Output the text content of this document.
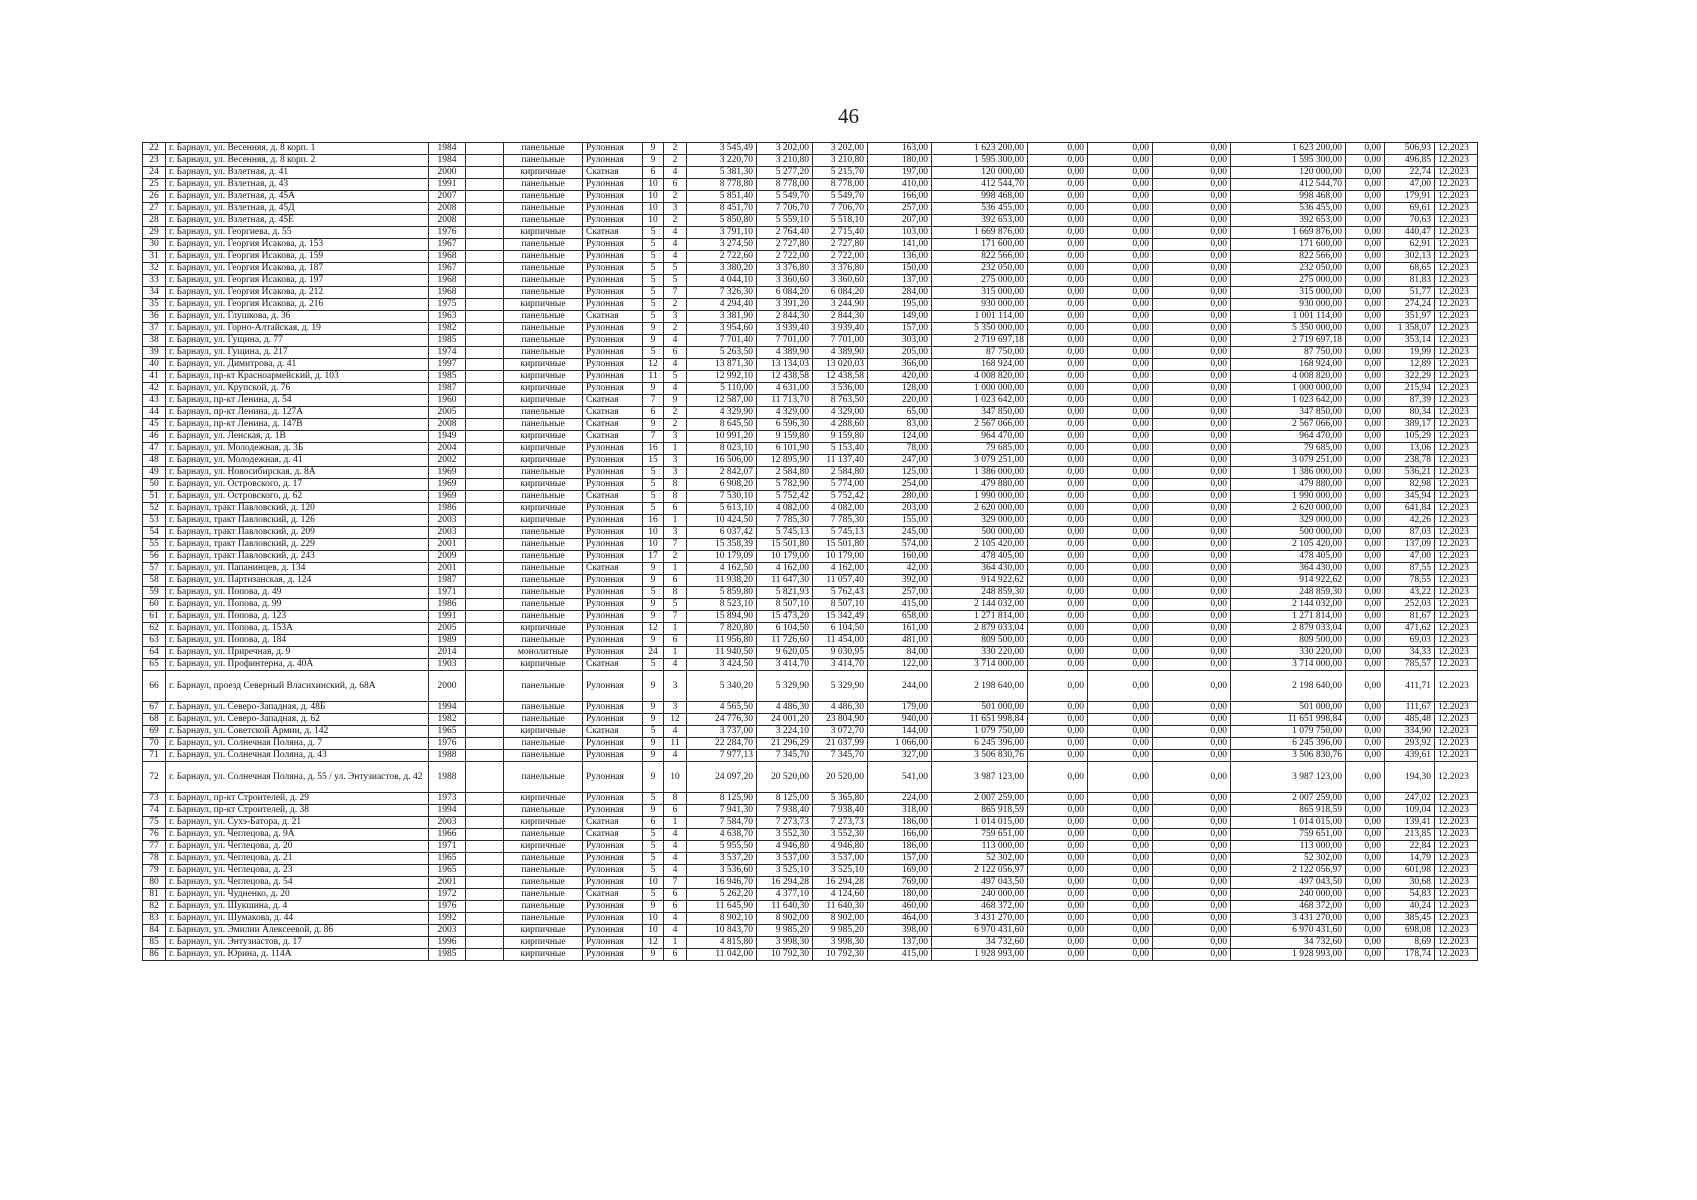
46
22	г. Барнаул, ул. Весенняя, д. 8 корп. 1	1984		панельные	Рулонная	9	2	3 545,49	3 202,00	3 202,00	163,00	1 623 200,00	0,00	0,00	0,00	1 623 200,00	0,00	506,93	12.2023
23	г. Барнаул, ул. Весенняя, д. 8 корп. 2	1984		панельные	Рулонная	9	2	3 220,70	3 210,80	3 210,80	180,00	1 595 300,00	0,00	0,00	0,00	1 595 300,00	0,00	496,85	12.2023
24	г. Барнаул, ул. Взлетная, д. 41	2000		кирпичные	Скатная	6	4	5 381,30	5 277,20	5 215,70	197,00	120 000,00	0,00	0,00	0,00	120 000,00	0,00	22,74	12.2023
25	г. Барнаул, ул. Взлетная, д. 43	1991		панельные	Рулонная	10	6	8 778,80	8 778,00	8 778,00	410,00	412 544,70	0,00	0,00	0,00	412 544,70	0,00	47,00	12.2023
26	г. Барнаул, ул. Взлетная, д. 45А	2007		панельные	Рулонная	10	2	5 851,40	5 549,70	5 549,70	166,00	998 468,00	0,00	0,00	0,00	998 468,00	0,00	179,91	12.2023
27	г. Барнаул, ул. Взлетная, д. 45Д	2008		панельные	Рулонная	10	3	8 451,70	7 706,70	7 706,70	257,00	536 455,00	0,00	0,00	0,00	536 455,00	0,00	69,61	12.2023
28	г. Барнаул, ул. Взлетная, д. 45Е	2008		панельные	Рулонная	10	2	5 850,80	5 559,10	5 518,10	207,00	392 653,00	0,00	0,00	0,00	392 653,00	0,00	70,63	12.2023
29	г. Барнаул, ул. Георгиева, д. 55	1976		кирпичные	Скатная	5	4	3 791,10	2 764,40	2 715,40	103,00	1 669 876,00	0,00	0,00	0,00	1 669 876,00	0,00	440,47	12.2023
30	г. Барнаул, ул. Георгия Исакова, д. 153	1967		панельные	Рулонная	5	4	3 274,50	2 727,80	2 727,80	141,00	171 600,00	0,00	0,00	0,00	171 600,00	0,00	62,91	12.2023
31	г. Барнаул, ул. Георгия Исакова, д. 159	1968		панельные	Рулонная	5	4	2 722,60	2 722,00	2 722,00	136,00	822 566,00	0,00	0,00	0,00	822 566,00	0,00	302,13	12.2023
32	г. Барнаул, ул. Георгия Исакова, д. 187	1967		панельные	Рулонная	5	5	3 380,20	3 376,80	3 376,80	150,00	232 050,00	0,00	0,00	0,00	232 050,00	0,00	68,65	12.2023
33	г. Барнаул, ул. Георгия Исакова, д. 197	1968		панельные	Рулонная	5	5	4 044,10	3 360,60	3 360,60	137,00	275 000,00	0,00	0,00	0,00	275 000,00	0,00	81,83	12.2023
34	г. Барнаул, ул. Георгия Исакова, д. 212	1968		панельные	Рулонная	5	7	7 326,30	6 084,20	6 084,20	284,00	315 000,00	0,00	0,00	0,00	315 000,00	0,00	51,77	12.2023
35	г. Барнаул, ул. Георгия Исакова, д. 216	1975		кирпичные	Рулонная	5	2	4 294,40	3 391,20	3 244,90	195,00	930 000,00	0,00	0,00	0,00	930 000,00	0,00	274,24	12.2023
36	г. Барнаул, ул. Глушкова, д. 36	1963		панельные	Скатная	5	3	3 381,90	2 844,30	2 844,30	149,00	1 001 114,00	0,00	0,00	0,00	1 001 114,00	0,00	351,97	12.2023
37	г. Барнаул, ул. Горно-Алтайская, д. 19	1982		панельные	Рулонная	9	2	3 954,60	3 939,40	3 939,40	157,00	5 350 000,00	0,00	0,00	0,00	5 350 000,00	0,00	1 358,07	12.2023
38	г. Барнаул, ул. Гущина, д. 77	1985		панельные	Рулонная	9	4	7 701,40	7 701,00	7 701,00	303,00	2 719 697,18	0,00	0,00	0,00	2 719 697,18	0,00	353,14	12.2023
39	г. Барнаул, ул. Гущина, д. 217	1974		панельные	Рулонная	5	6	5 263,50	4 389,90	4 389,90	205,00	87 750,00	0,00	0,00	0,00	87 750,00	0,00	19,99	12.2023
40	г. Барнаул, ул. Димитрова, д. 41	1997		кирпичные	Рулонная	12	4	13 871,30	13 134,03	13 020,03	366,00	168 924,00	0,00	0,00	0,00	168 924,00	0,00	12,89	12.2023
41	г. Барнаул, пр-кт Красноармейский, д. 103	1985		кирпичные	Рулонная	11	5	12 992,10	12 438,58	12 438,58	420,00	4 008 820,00	0,00	0,00	0,00	4 008 820,00	0,00	322,29	12.2023
42	г. Барнаул, ул. Крупской, д. 76	1987		кирпичные	Рулонная	9	4	5 110,00	4 631,00	3 536,00	128,00	1 000 000,00	0,00	0,00	0,00	1 000 000,00	0,00	215,94	12.2023
43	г. Барнаул, пр-кт Ленина, д. 54	1960		кирпичные	Скатная	7	9	12 587,00	11 713,70	8 763,50	220,00	1 023 642,00	0,00	0,00	0,00	1 023 642,00	0,00	87,39	12.2023
44	г. Барнаул, пр-кт Ленина, д. 127А	2005		панельные	Скатная	6	2	4 329,90	4 329,00	4 329,00	65,00	347 850,00	0,00	0,00	0,00	347 850,00	0,00	80,34	12.2023
45	г. Барнаул, пр-кт Ленина, д. 147В	2008		панельные	Скатная	9	2	8 645,50	6 596,30	4 288,60	83,00	2 567 066,00	0,00	0,00	0,00	2 567 066,00	0,00	389,17	12.2023
46	г. Барнаул, ул. Ленская, д. 1В	1949		кирпичные	Скатная	7	3	10 991,20	9 159,80	9 159,80	124,00	964 470,00	0,00	0,00	0,00	964 470,00	0,00	105,29	12.2023
47	г. Барнаул, ул. Молодежная, д. 3Б	2004		кирпичные	Рулонная	16	1	8 023,10	6 101,90	5 153,40	78,00	79 685,00	0,00	0,00	0,00	79 685,00	0,00	13,06	12.2023
48	г. Барнаул, ул. Молодежная, д. 41	2002		кирпичные	Рулонная	15	3	16 506,00	12 895,90	11 137,40	247,00	3 079 251,00	0,00	0,00	0,00	3 079 251,00	0,00	238,78	12.2023
49	г. Барнаул, ул. Новосибирская, д. 8А	1969		панельные	Рулонная	5	3	2 842,07	2 584,80	2 584,80	125,00	1 386 000,00	0,00	0,00	0,00	1 386 000,00	0,00	536,21	12.2023
50	г. Барнаул, ул. Островского, д. 17	1969		кирпичные	Рулонная	5	8	6 908,20	5 782,90	5 774,00	254,00	479 880,00	0,00	0,00	0,00	479 880,00	0,00	82,98	12.2023
51	г. Барнаул, ул. Островского, д. 62	1969		панельные	Скатная	5	8	7 530,10	5 752,42	5 752,42	280,00	1 990 000,00	0,00	0,00	0,00	1 990 000,00	0,00	345,94	12.2023
52	г. Барнаул, тракт Павловский, д. 120	1986		кирпичные	Рулонная	5	6	5 613,10	4 082,00	4 082,00	203,00	2 620 000,00	0,00	0,00	0,00	2 620 000,00	0,00	641,84	12.2023
53	г. Барнаул, тракт Павловский, д. 126	2003		кирпичные	Рулонная	16	1	10 424,50	7 785,30	7 785,30	155,00	329 000,00	0,00	0,00	0,00	329 000,00	0,00	42,26	12.2023
54	г. Барнаул, тракт Павловский, д. 209	2003		панельные	Рулонная	10	3	6 037,42	5 745,13	5 745,13	245,00	500 000,00	0,00	0,00	0,00	500 000,00	0,00	87,03	12.2023
55	г. Барнаул, тракт Павловский, д. 229	2001		панельные	Рулонная	10	7	15 358,39	15 501,80	15 501,80	574,00	2 105 420,00	0,00	0,00	0,00	2 105 420,00	0,00	137,09	12.2023
56	г. Барнаул, тракт Павловский, д. 243	2009		панельные	Рулонная	17	2	10 179,09	10 179,00	10 179,00	160,00	478 405,00	0,00	0,00	0,00	478 405,00	0,00	47,00	12.2023
57	г. Барнаул, ул. Папанинцев, д. 134	2001		панельные	Скатная	9	1	4 162,50	4 162,00	4 162,00	42,00	364 430,00	0,00	0,00	0,00	364 430,00	0,00	87,55	12.2023
58	г. Барнаул, ул. Партизанская, д. 124	1987		панельные	Рулонная	9	6	11 938,20	11 647,30	11 057,40	392,00	914 922,62	0,00	0,00	0,00	914 922,62	0,00	78,55	12.2023
59	г. Барнаул, ул. Попова, д. 49	1971		панельные	Рулонная	5	8	5 859,80	5 821,93	5 762,43	257,00	248 859,30	0,00	0,00	0,00	248 859,30	0,00	43,22	12.2023
60	г. Барнаул, ул. Попова, д. 99	1986		панельные	Рулонная	9	5	8 523,10	8 507,10	8 507,10	415,00	2 144 032,00	0,00	0,00	0,00	2 144 032,00	0,00	252,03	12.2023
61	г. Барнаул, ул. Попова, д. 123	1991		панельные	Рулонная	9	7	15 894,90	15 473,20	15 342,49	658,00	1 271 814,00	0,00	0,00	0,00	1 271 814,00	0,00	81,67	12.2023
62	г. Барнаул, ул. Попова, д. 153А	2005		кирпичные	Рулонная	12	1	7 820,80	6 104,50	6 104,50	161,00	2 879 033,04	0,00	0,00	0,00	2 879 033,04	0,00	471,62	12.2023
63	г. Барнаул, ул. Попова, д. 184	1989		панельные	Рулонная	9	6	11 956,80	11 726,60	11 454,00	481,00	809 500,00	0,00	0,00	0,00	809 500,00	0,00	69,03	12.2023
64	г. Барнаул, ул. Приречная, д. 9	2014		монолитные	Рулонная	24	1	11 940,50	9 620,05	9 030,95	84,00	330 220,00	0,00	0,00	0,00	330 220,00	0,00	34,33	12.2023
65	г. Барнаул, ул. Профинтерна, д. 40А	1903		кирпичные	Скатная	5	4	3 424,50	3 414,70	3 414,70	122,00	3 714 000,00	0,00	0,00	0,00	3 714 000,00	0,00	785,57	12.2023
66	г. Барнаул, проезд Северный Власихинский, д. 68А	2000		панельные	Рулонная	9	3	5 340,20	5 329,90	5 329,90	244,00	2 198 640,00	0,00	0,00	0,00	2 198 640,00	0,00	411,71	12.2023
67	г. Барнаул, ул. Северо-Западная, д. 48Б	1994		панельные	Рулонная	9	3	4 565,50	4 486,30	4 486,30	179,00	501 000,00	0,00	0,00	0,00	501 000,00	0,00	111,67	12.2023
68	г. Барнаул, ул. Северо-Западная, д. 62	1982		панельные	Рулонная	9	12	24 776,30	24 001,20	23 804,90	940,00	11 651 998,84	0,00	0,00	0,00	11 651 998,84	0,00	485,48	12.2023
69	г. Барнаул, ул. Советской Армии, д. 142	1965		кирпичные	Скатная	5	4	3 737,00	3 224,10	3 072,70	144,00	1 079 750,00	0,00	0,00	0,00	1 079 750,00	0,00	334,90	12.2023
70	г. Барнаул, ул. Солнечная Поляна, д. 7	1976		панельные	Рулонная	9	11	22 284,70	21 296,29	21 037,99	1 066,00	6 245 396,00	0,00	0,00	0,00	6 245 396,00	0,00	293,92	12.2023
71	г. Барнаул, ул. Солнечная Поляна, д. 43	1988		панельные	Рулонная	9	4	7 977,13	7 345,70	7 345,70	327,00	3 506 830,76	0,00	0,00	0,00	3 506 830,76	0,00	439,61	12.2023
72	г. Барнаул, ул. Солнечная Поляна, д. 55 / ул. Энтузиастов, д. 42	1988		панельные	Рулонная	9	10	24 097,20	20 520,00	20 520,00	541,00	3 987 123,00	0,00	0,00	0,00	3 987 123,00	0,00	194,30	12.2023
73	г. Барнаул, пр-кт Строителей, д. 29	1973		кирпичные	Рулонная	5	8	8 125,90	8 125,00	5 365,80	224,00	2 007 259,00	0,00	0,00	0,00	2 007 259,00	0,00	247,02	12.2023
74	г. Барнаул, пр-кт Строителей, д. 38	1994		панельные	Рулонная	9	6	7 941,30	7 938,40	7 938,40	318,00	865 918,59	0,00	0,00	0,00	865 918,59	0,00	109,04	12.2023
75	г. Барнаул, ул. Сухэ-Батора, д. 21	2003		кирпичные	Скатная	6	1	7 584,70	7 273,73	7 273,73	186,00	1 014 015,00	0,00	0,00	0,00	1 014 015,00	0,00	139,41	12.2023
76	г. Барнаул, ул. Чеглецова, д. 9А	1966		панельные	Скатная	5	4	4 638,70	3 552,30	3 552,30	166,00	759 651,00	0,00	0,00	0,00	759 651,00	0,00	213,85	12.2023
77	г. Барнаул, ул. Чеглецова, д. 20	1971		кирпичные	Рулонная	5	4	5 955,50	4 946,80	4 946,80	186,00	113 000,00	0,00	0,00	0,00	113 000,00	0,00	22,84	12.2023
78	г. Барнаул, ул. Чеглецова, д. 21	1965		панельные	Рулонная	5	4	3 537,20	3 537,00	3 537,00	157,00	52 302,00	0,00	0,00	0,00	52 302,00	0,00	14,79	12.2023
79	г. Барнаул, ул. Чеглецова, д. 23	1965		панельные	Рулонная	5	4	3 536,60	3 525,10	3 525,10	169,00	2 122 056,97	0,00	0,00	0,00	2 122 056,97	0,00	601,98	12.2023
80	г. Барнаул, ул. Чеглецова, д. 54	2001		панельные	Рулонная	10	7	16 946,70	16 294,28	16 294,28	769,00	497 043,50	0,00	0,00	0,00	497 043,50	0,00	30,68	12.2023
81	г. Барнаул, ул. Чудненко, д. 20	1972		панельные	Скатная	5	6	5 262,20	4 377,10	4 124,60	180,00	240 000,00	0,00	0,00	0,00	240 000,00	0,00	54,83	12.2023
82	г. Барнаул, ул. Шукшина, д. 4	1976		панельные	Рулонная	9	6	11 645,90	11 640,30	11 640,30	460,00	468 372,00	0,00	0,00	0,00	468 372,00	0,00	40,24	12.2023
83	г. Барнаул, ул. Шумакова, д. 44	1992		панельные	Рулонная	10	4	8 902,10	8 902,00	8 902,00	464,00	3 431 270,00	0,00	0,00	0,00	3 431 270,00	0,00	385,45	12.2023
84	г. Барнаул, ул. Эмилии Алексеевой, д. 86	2003		кирпичные	Рулонная	10	4	10 843,70	9 985,20	9 985,20	398,00	6 970 431,60	0,00	0,00	0,00	6 970 431,60	0,00	698,08	12.2023
85	г. Барнаул, ул. Энтузиастов, д. 17	1996		кирпичные	Рулонная	12	1	4 815,80	3 998,30	3 998,30	137,00	34 732,60	0,00	0,00	0,00	34 732,60	0,00	8,69	12.2023
86	г. Барнаул, ул. Юрина, д. 114А	1985		кирпичные	Рулонная	9	6	11 042,00	10 792,30	10 792,30	415,00	1 928 993,00	0,00	0,00	0,00	1 928 993,00	0,00	178,74	12.2023
